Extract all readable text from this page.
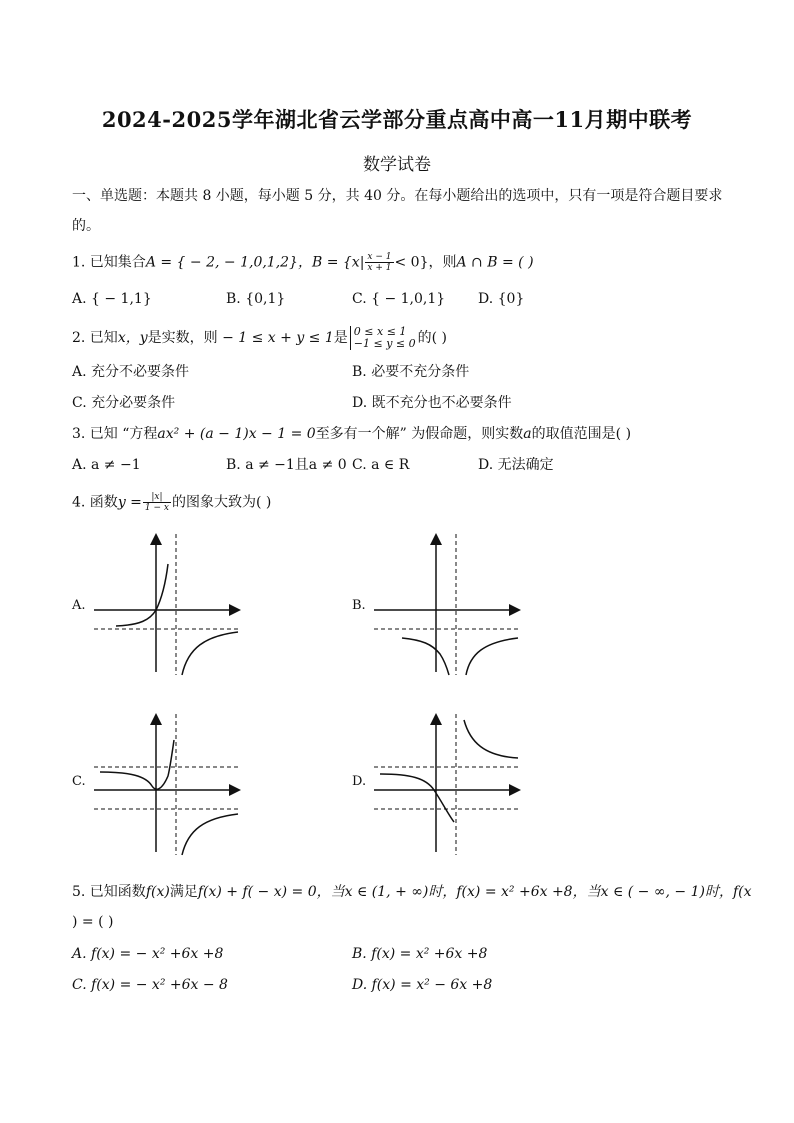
2024-2025学年湖北省云学部分重点高中高一11月期中联考
数学试卷
一、单选题：本题共 8 小题，每小题 5 分，共 40 分。在每小题给出的选项中，只有一项是符合题目要求
的。
1. 已知集合A = { − 2, − 1,0,1,2}，$B = \{x| \frac{x - 1}{x + 1} < 0\}$，则A ∩ B = ( )
A. { − 1,1}	B. {0,1}	C. { − 1,0,1} D. {0}
2. 已知x，y是实数，则 − 1 ≤ x + y ≤ 1是 0 ≤ x ≤ 1
−1 ≤ y ≤ 0 的( )
A. 充分不必要条件	B. 必要不充分条件
C. 充分必要条件	D. 既不充分也不必要条件
3. 已知 “方程ax² + (a − 1)x − 1 = 0至多有一个解” 为假命题，则实数a的取值范围是( )
A. a ≠ −1	B. a ≠ −1且a ≠ 0 C. a ∈ R	D. 无法确定
4. 函数$y = \frac{|x|}{1 - x}$ 的图象大致为( )
A.	B.
C.	D.
5. 已知函数f(x)满足f(x) + f( − x) = 0，当x ∈ (1, + ∞)时，f(x) = x² +6x +8，当x ∈ ( − ∞, − 1)时，f(x
) = ( )
A. f(x) = − x² +6x +8	B. f(x) = x² +6x +8
C. f(x) = − x² +6x − 8	D. f(x) = x² − 6x +8
